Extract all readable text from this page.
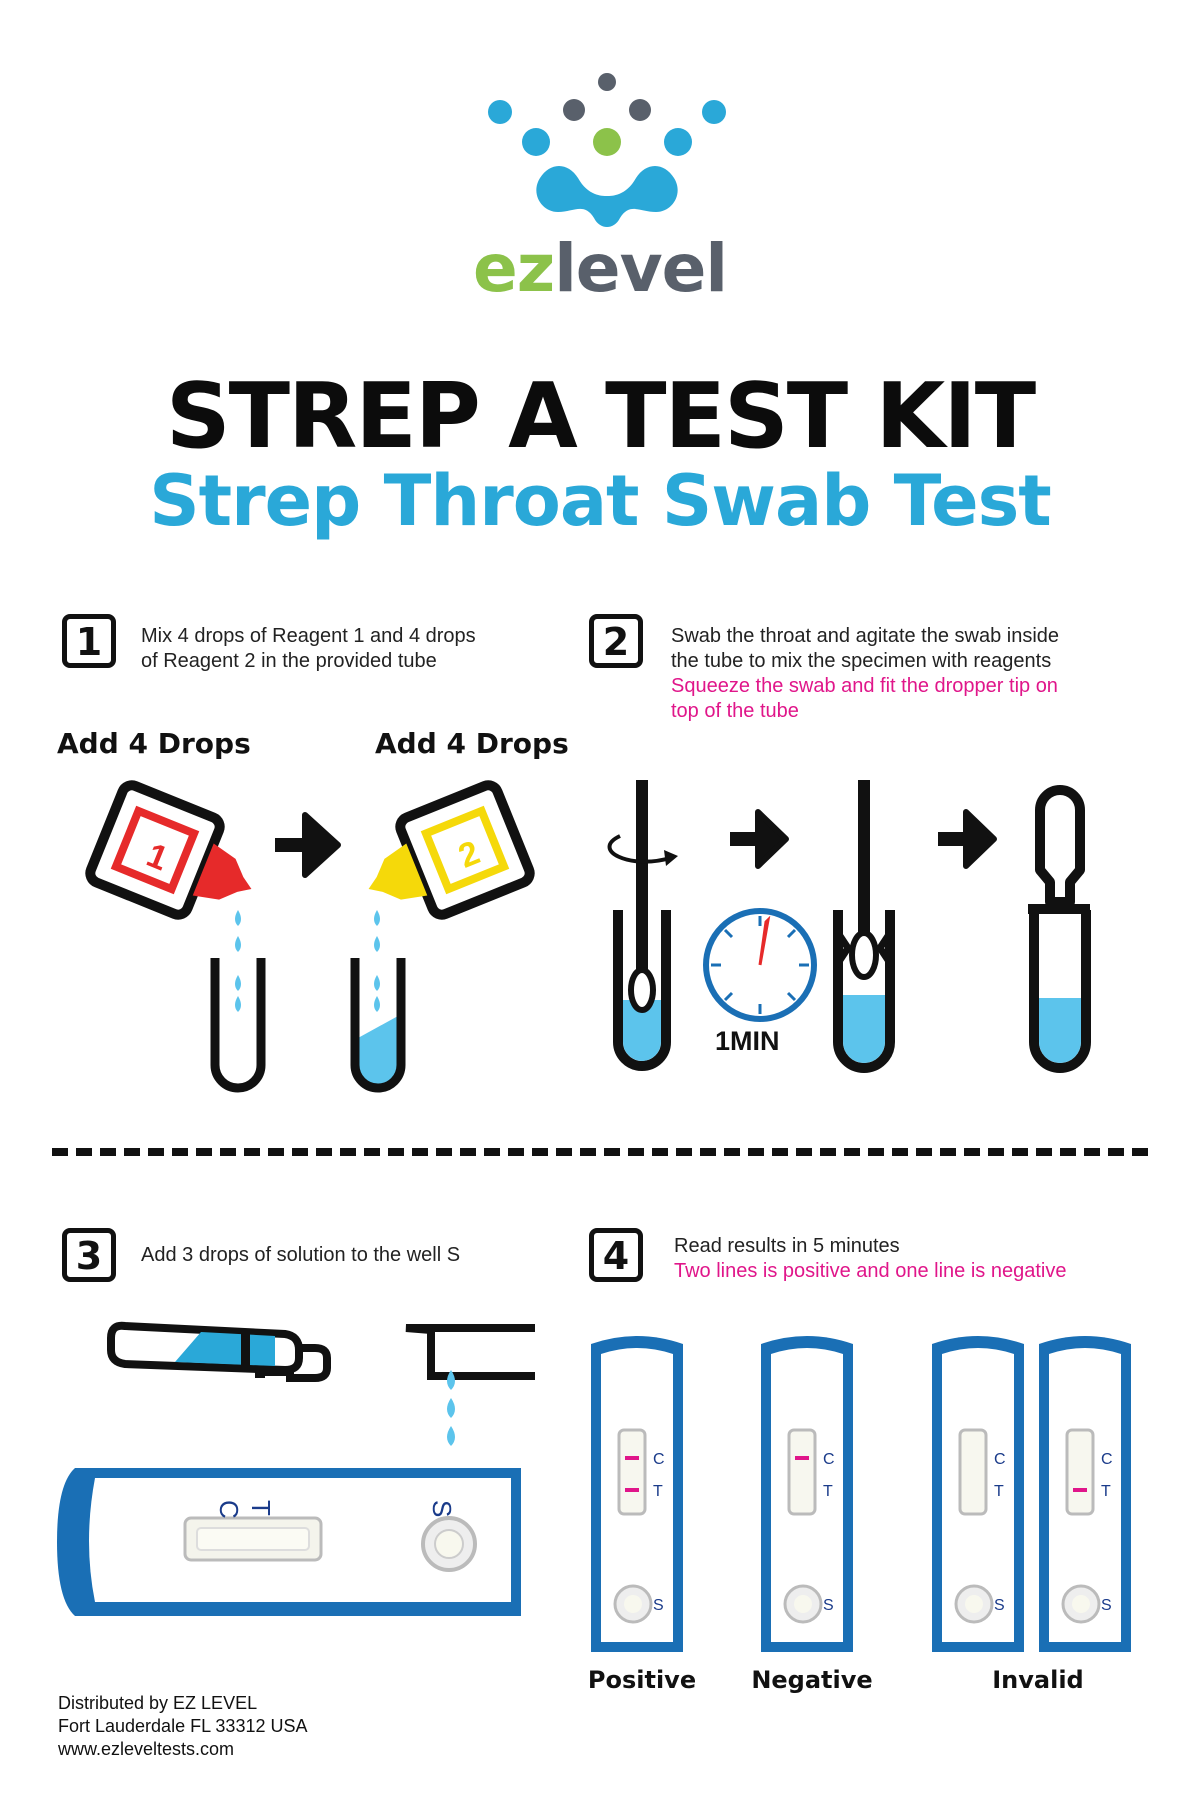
ezlevel
STREP A TEST KIT
Strep Throat Swab Test
1	Mix 4 drops of Reagent 1 and 4 drops
of Reagent 2 in the provided tube	2	Swab the throat and agitate the swab inside
the tube to mix the specimen with reagents
Squeeze the swab and fit the dropper tip on
top of the tube
Add 4 Drops	Add 4 Drops
1	2
1MIN
3	Add 3 drops of solution to the well S	4	Read results in 5 minutes
Two lines is positive and one line is negative
C T	S
C
T
S
C
T
S
C
T
S
C
T
S
Positive	Negative	Invalid
Distributed by EZ LEVEL
Fort Lauderdale FL 33312 USA
www.ezleveltests.com
